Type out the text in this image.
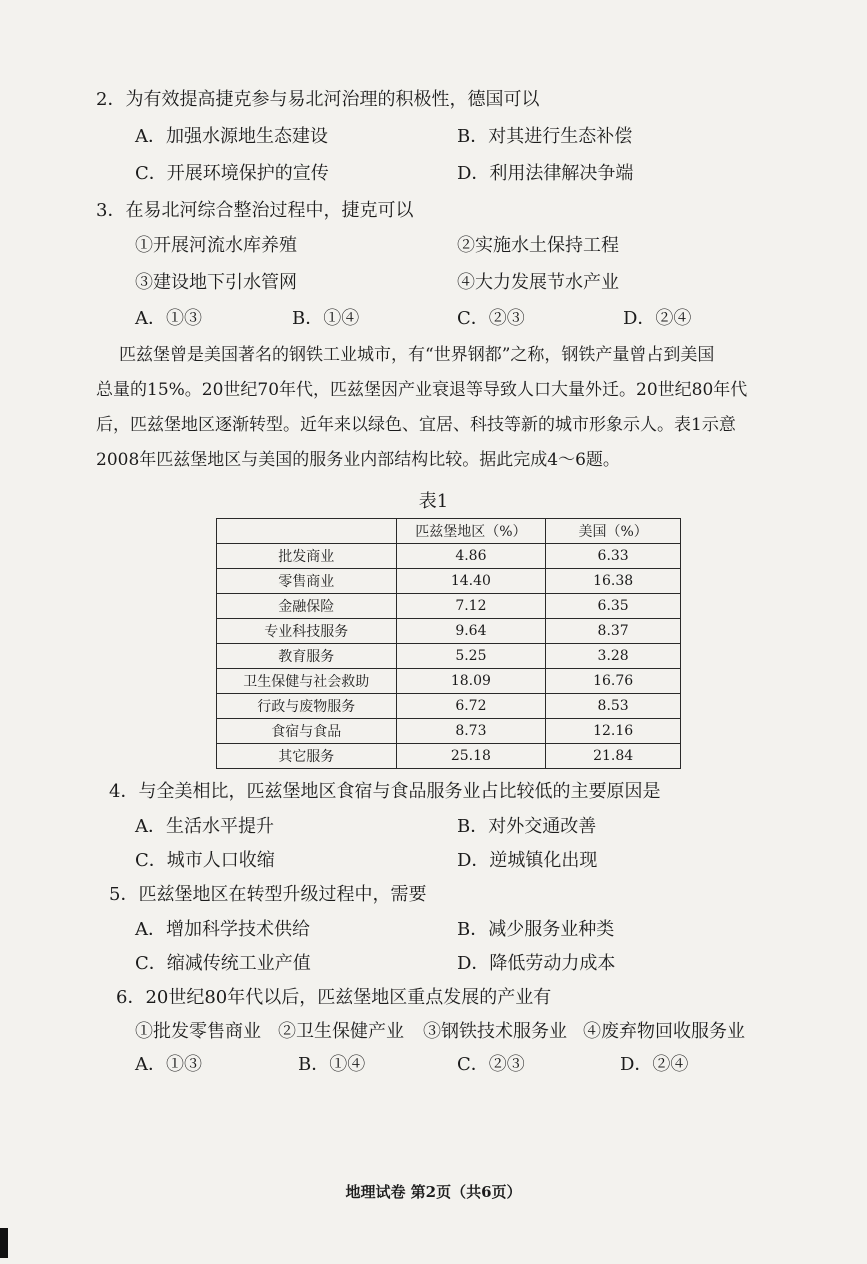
2．为有效提高捷克参与易北河治理的积极性，德国可以
A．加强水源地生态建设	B．对其进行生态补偿
C．开展环境保护的宣传	D．利用法律解决争端
3．在易北河综合整治过程中，捷克可以
①开展河流水库养殖	②实施水土保持工程
③建设地下引水管网	④大力发展节水产业
A．①③	B．①④	C．②③	D．②④
匹兹堡曾是美国著名的钢铁工业城市，有“世界钢都”之称，钢铁产量曾占到美国
总量的15%。20世纪70年代，匹兹堡因产业衰退等导致人口大量外迁。20世纪80年代
后，匹兹堡地区逐渐转型。近年来以绿色、宜居、科技等新的城市形象示人。表1示意
2008年匹兹堡地区与美国的服务业内部结构比较。据此完成4～6题。
表1
	匹兹堡地区（%）	美国（%）
批发商业	4.86	6.33
零售商业	14.40	16.38
金融保险	7.12	6.35
专业科技服务	9.64	8.37
教育服务	5.25	3.28
卫生保健与社会救助	18.09	16.76
行政与废物服务	6.72	8.53
食宿与食品	8.73	12.16
其它服务	25.18	21.84
4．与全美相比，匹兹堡地区食宿与食品服务业占比较低的主要原因是
A．生活水平提升	B．对外交通改善
C．城市人口收缩	D．逆城镇化出现
5．匹兹堡地区在转型升级过程中，需要
A．增加科学技术供给	B．减少服务业种类
C．缩减传统工业产值	D．降低劳动力成本
6．20世纪80年代以后，匹兹堡地区重点发展的产业有
①批发零售商业 ②卫生保健产业 ③钢铁技术服务业 ④废弃物回收服务业
A．①③	B．①④	C．②③	D．②④
地理试卷 第2页（共6页）
